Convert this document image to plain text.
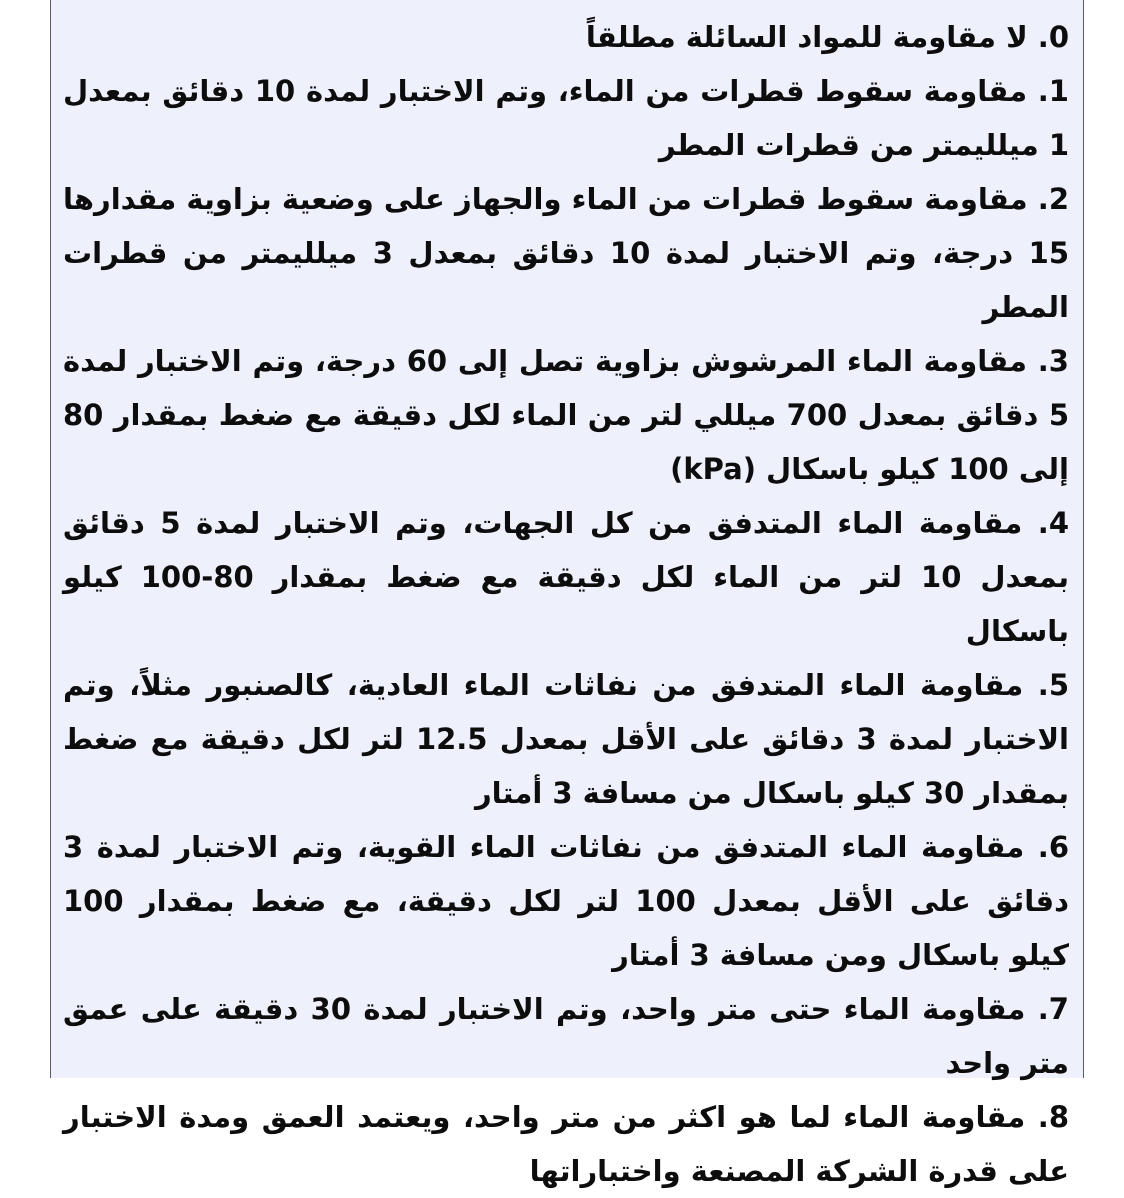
0. لا مقاومة للمواد السائلة مطلقاً
1. مقاومة سقوط قطرات من الماء، وتم الاختبار لمدة 10 دقائق بمعدل 1 ميلليمتر من قطرات المطر
2. مقاومة سقوط قطرات من الماء والجهاز على وضعية بزاوية مقدارها 15 درجة، وتم الاختبار لمدة 10 دقائق بمعدل 3 ميلليمتر من قطرات المطر
3. مقاومة الماء المرشوش بزاوية تصل إلى 60 درجة، وتم الاختبار لمدة 5 دقائق بمعدل 700 ميللي لتر من الماء لكل دقيقة مع ضغط بمقدار 80 إلى 100 كيلو باسكال (kPa)
4. مقاومة الماء المتدفق من كل الجهات، وتم الاختبار لمدة 5 دقائق بمعدل 10 لتر من الماء لكل دقيقة مع ضغط بمقدار 80-100 كيلو باسكال
5. مقاومة الماء المتدفق من نفاثات الماء العادية، كالصنبور مثلاً، وتم الاختبار لمدة 3 دقائق على الأقل بمعدل 12.5 لتر لكل دقيقة مع ضغط بمقدار 30 كيلو باسكال من مسافة 3 أمتار
6. مقاومة الماء المتدفق من نفاثات الماء القوية، وتم الاختبار لمدة 3 دقائق على الأقل بمعدل 100 لتر لكل دقيقة، مع ضغط بمقدار 100 كيلو باسكال ومن مسافة 3 أمتار
7. مقاومة الماء حتى متر واحد، وتم الاختبار لمدة 30 دقيقة على عمق متر واحد
8. مقاومة الماء لما هو اكثر من متر واحد، ويعتمد العمق ومدة الاختبار على قدرة الشركة المصنعة واختباراتها
